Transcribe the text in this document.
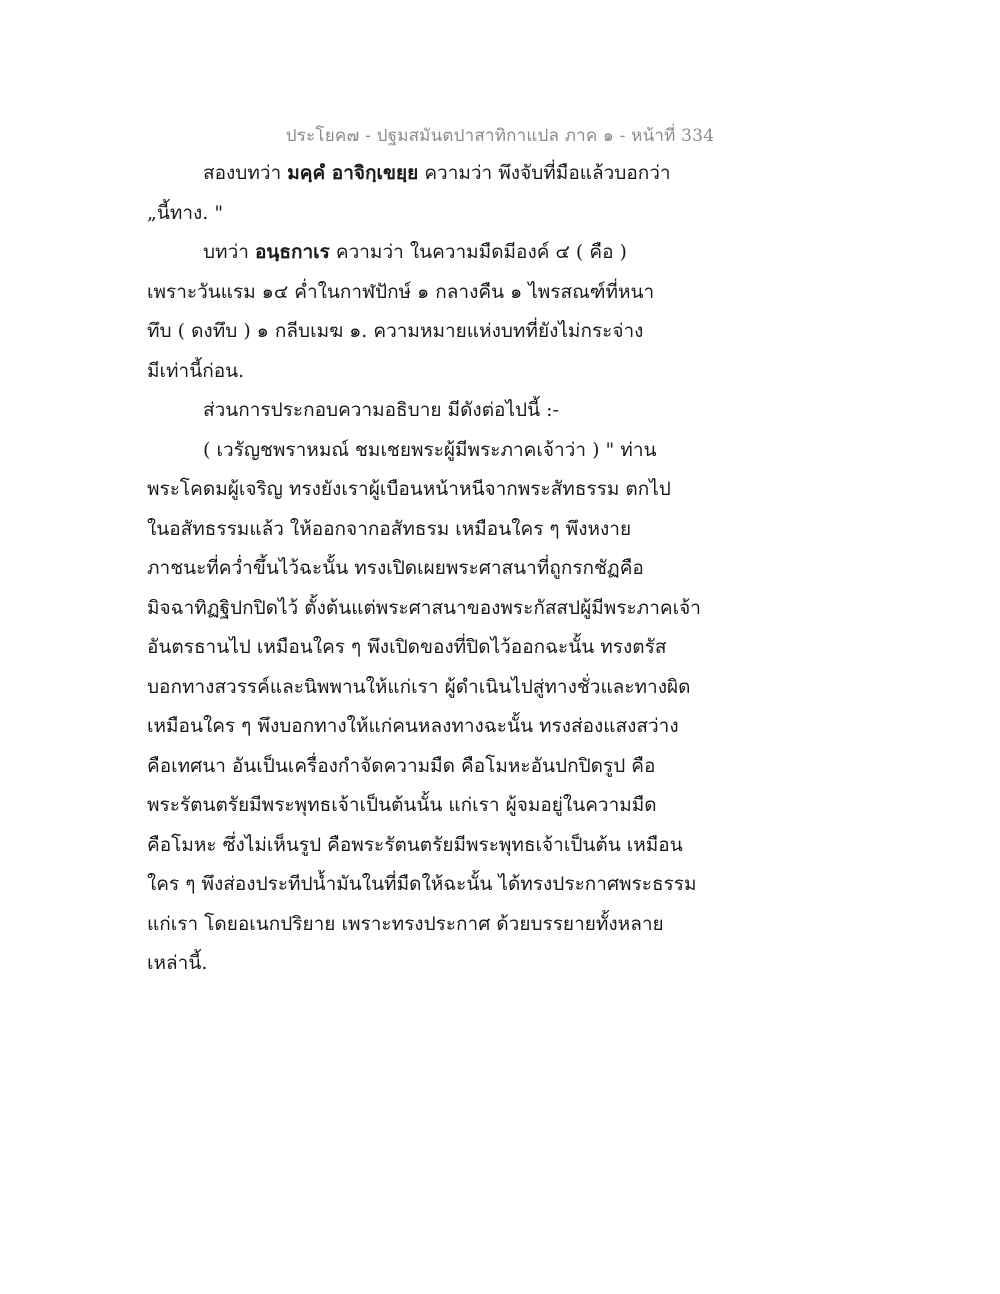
ประโยค๗ - ปฐมสมันตปาสาทิกาแปล ภาค ๑ - หน้าที่ 334
สองบทว่า มคฺคํ อาจิกฺเขยฺย ความว่า พึงจับที่มือแล้วบอกว่า
„นี้ทาง. "
บทว่า อนฺธกาเร ความว่า ในความมืดมีองค์ ๔ ( คือ )
เพราะวันแรม ๑๔ ค่ำในกาฬปักษ์ ๑ กลางคืน ๑ ไพรสณฑ์ที่หนา
ทึบ ( ดงทึบ ) ๑ กลีบเมฆ ๑. ความหมายแห่งบทที่ยังไม่กระจ่าง
มีเท่านี้ก่อน.
ส่วนการประกอบความอธิบาย มีดังต่อไปนี้ :-
( เวรัญชพราหมณ์ ชมเชยพระผู้มีพระภาคเจ้าว่า ) " ท่าน
พระโคดมผู้เจริญ ทรงยังเราผู้เบือนหน้าหนีจากพระสัทธรรม ตกไป
ในอสัทธรรมแล้ว ให้ออกจากอสัทธรม เหมือนใคร ๆ พึงหงาย
ภาชนะที่คว่ำขึ้นไว้ฉะนั้น ทรงเปิดเผยพระศาสนาที่ถูกรกชัฏคือ
มิจฉาทิฏฐิปกปิดไว้ ตั้งต้นแต่พระศาสนาของพระกัสสปผู้มีพระภาคเจ้า
อันตรธานไป เหมือนใคร ๆ พึงเปิดของที่ปิดไว้ออกฉะนั้น ทรงตรัส
บอกทางสวรรค์และนิพพานให้แก่เรา ผู้ดำเนินไปสู่ทางชั่วและทางผิด
เหมือนใคร ๆ พึงบอกทางให้แก่คนหลงทางฉะนั้น ทรงส่องแสงสว่าง
คือเทศนา อันเป็นเครื่องกำจัดความมืด คือโมหะอันปกปิดรูป คือ
พระรัตนตรัยมีพระพุทธเจ้าเป็นต้นนั้น แก่เรา ผู้จมอยู่ในความมืด
คือโมหะ ซึ่งไม่เห็นรูป คือพระรัตนตรัยมีพระพุทธเจ้าเป็นต้น เหมือน
ใคร ๆ พึงส่องประทีปน้ำมันในที่มืดให้ฉะนั้น ได้ทรงประกาศพระธรรม
แก่เรา โดยอเนกปริยาย เพราะทรงประกาศ ด้วยบรรยายทั้งหลาย
เหล่านี้.
